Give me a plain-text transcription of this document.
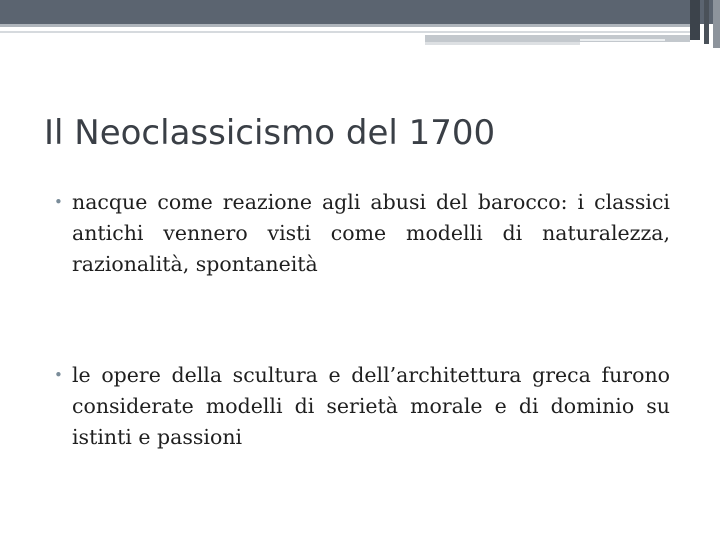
Il Neoclassicismo del 1700
• nacque come reazione agli abusi del barocco: i classici antichi vennero visti come modelli di naturalezza, razionalità, spontaneità
• le opere della scultura e dell’architettura greca furono considerate modelli di serietà morale e di dominio su istinti e passioni
